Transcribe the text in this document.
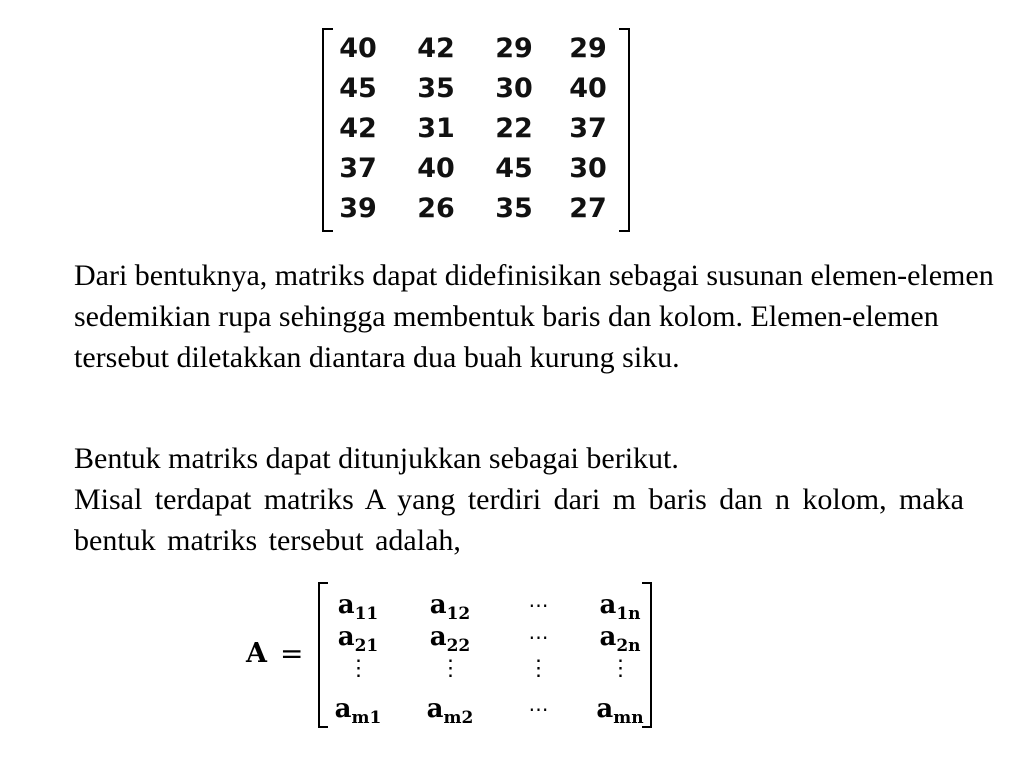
40	42	29	29
45	35	30	40
42	31	22	37
37	40	45	30
39	26	35	27
Dari bentuknya, matriks dapat didefinisikan sebagai susunan elemen-elemen sedemikian rupa sehingga membentuk baris dan kolom. Elemen-elemen tersebut diletakkan diantara dua buah kurung siku.
Bentuk matriks dapat ditunjukkan sebagai berikut.
Misal terdapat matriks A yang terdiri dari m baris dan n kolom, maka bentuk matriks tersebut adalah,
A =
$a_{11}$	$a_{12}$	⋯	$a_{1n}$
$a_{21}$	$a_{22}$	⋯	$a_{2n}$
⋮	⋮	⋮	⋮
$a_{m1}$	$a_{m2}$	⋯	$a_{mn}$
